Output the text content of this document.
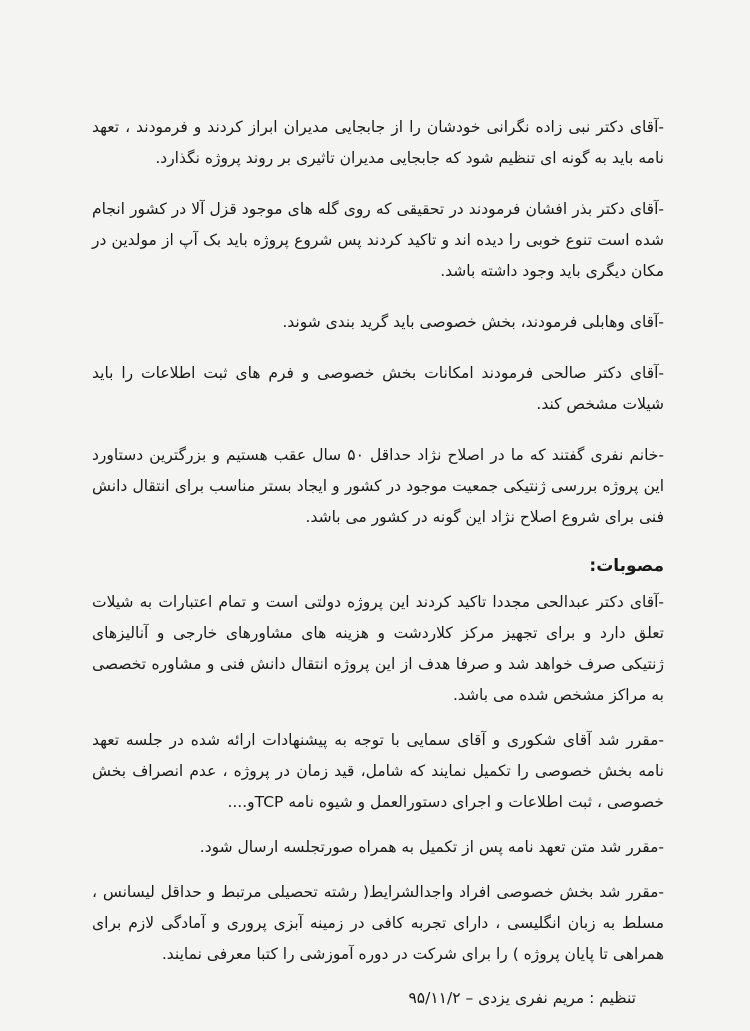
-آقای دکتر نبی زاده نگرانی خودشان را از جابجایی مدیران ابراز کردند و فرمودند ، تعهد نامه باید به گونه ای تنظیم شود که جابجایی مدیران تاثیری بر روند پروژه نگذارد.

-آقای دکتر بذر افشان فرمودند در تحقیقی که روی گله های موجود قزل آلا در کشور انجام شده است تنوع خوبی را دیده اند و تاکید کردند پس شروع پروژه باید بک آپ از مولدین در مکان دیگری باید وجود داشته باشد.

-آقای وهابلی فرمودند، بخش خصوصی باید گرید بندی شوند.

-آقای دکتر صالحی فرمودند امکانات بخش خصوصی و فرم های ثبت اطلاعات را باید شیلات مشخص کند.

-خانم نفری گفتند که ما در اصلاح نژاد حداقل ۵۰ سال عقب هستیم و بزرگترین دستاورد این پروژه بررسی ژنتیکی جمعیت موجود در کشور و ایجاد بستر مناسب برای انتقال دانش فنی برای شروع اصلاح نژاد این گونه در کشور می باشد.

مصوبات:

-آقای دکتر عبدالحی مجددا تاکید کردند این پروژه دولتی است و تمام اعتبارات به شیلات تعلق دارد و برای تجهیز مرکز کلاردشت و هزینه های مشاورهای خارجی و آنالیزهای ژنتیکی صرف خواهد شد و صرفا هدف از این پروژه انتقال دانش فنی و مشاوره تخصصی به مراکز مشخص شده می باشد.

-مقرر شد آقای شکوری و آقای سمایی با توجه به پیشنهادات ارائه شده در جلسه تعهد نامه بخش خصوصی را تکمیل نمایند که شامل، قید زمان در پروژه ، عدم انصراف بخش خصوصی ، ثبت اطلاعات و اجرای دستورالعمل و شیوه نامه TCPو....

-مقرر شد متن تعهد نامه پس از تکمیل به همراه صورتجلسه ارسال شود.

-مقرر شد بخش خصوصی افراد واجدالشرایط( رشته تحصیلی مرتبط و حداقل لیسانس ، مسلط به زبان انگلیسی ، دارای تجربه کافی در زمینه آبزی پروری و آمادگی لازم برای همراهی تا پایان پروژه ) را برای شرکت در دوره آموزشی را کتبا معرفی نمایند.

تنظیم : مریم نفری یزدی – ۹۵/۱۱/۲
